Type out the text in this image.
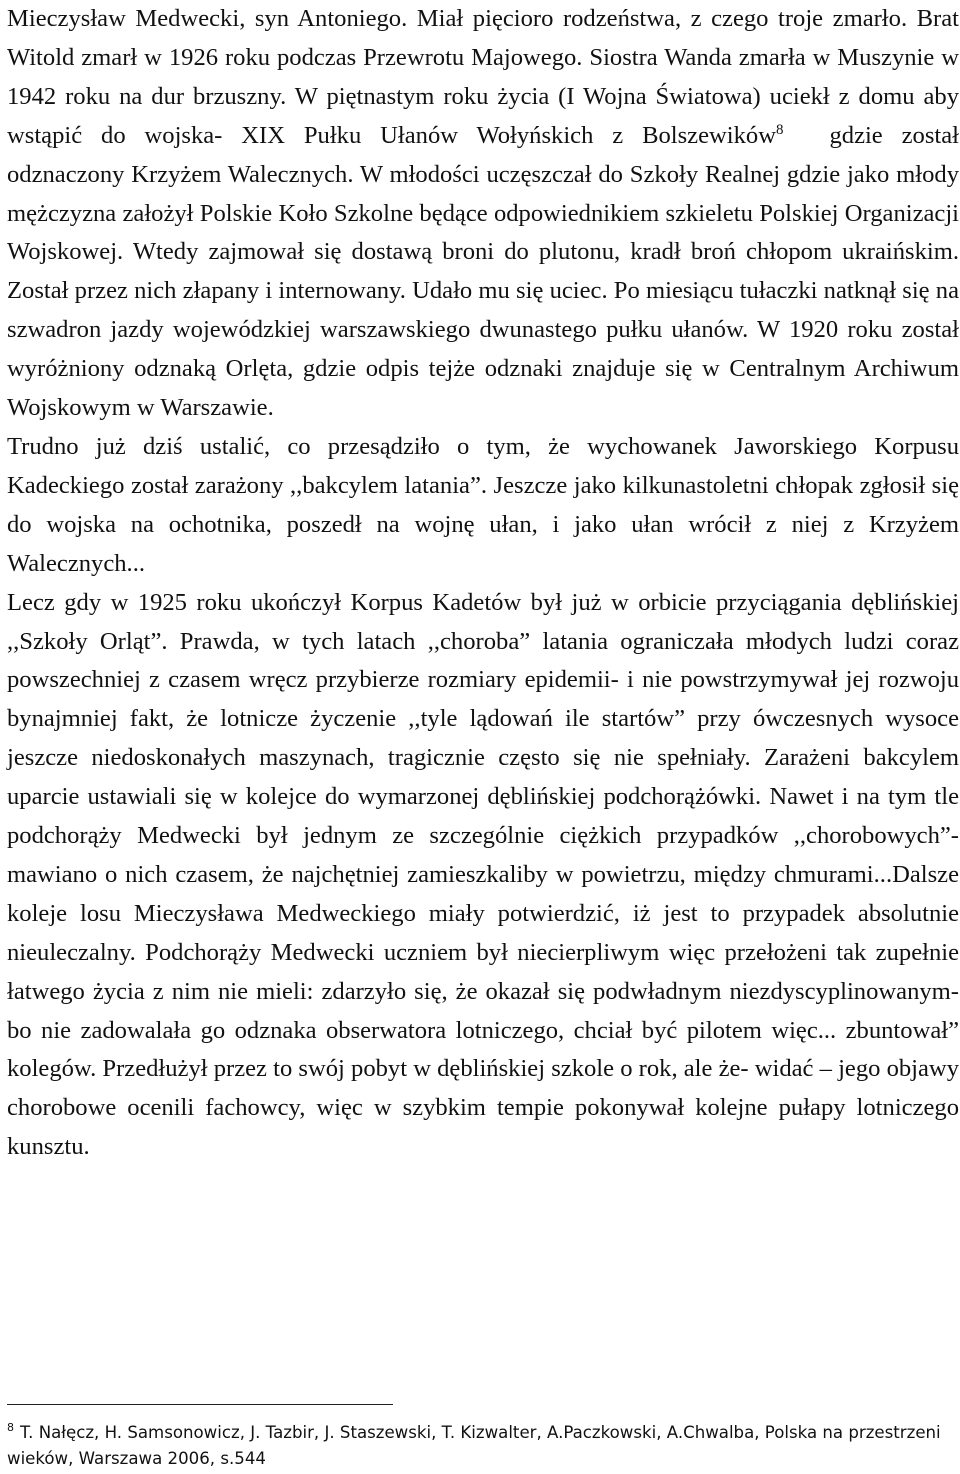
Mieczysław Medwecki, syn Antoniego. Miał pięcioro rodzeństwa, z czego troje zmarło. Brat Witold zmarł w 1926 roku podczas Przewrotu Majowego. Siostra Wanda zmarła w Muszynie w 1942 roku na dur brzuszny. W piętnastym roku życia (I Wojna Światowa) uciekł z domu aby wstąpić do wojska- XIX Pułku Ułanów Wołyńskich z Bolszewików$^8$ gdzie został odznaczony Krzyżem Walecznych. W młodości uczęszczał do Szkoły Realnej gdzie jako młody mężczyzna założył Polskie Koło Szkolne będące odpowiednikiem szkieletu Polskiej Organizacji Wojskowej. Wtedy zajmował się dostawą broni do plutonu, kradł broń chłopom ukraińskim. Został przez nich złapany i internowany. Udało mu się uciec. Po miesiącu tułaczki natknął się na szwadron jazdy wojewódzkiej warszawskiego dwunastego pułku ułanów. W 1920 roku został wyróżniony odznaką Orlęta, gdzie odpis tejże odznaki znajduje się w Centralnym Archiwum Wojskowym w Warszawie.
Trudno już dziś ustalić, co przesądziło o tym, że wychowanek Jaworskiego Korpusu Kadeckiego został zarażony ,,bakcylem latania”. Jeszcze jako kilkunastoletni chłopak zgłosił się do wojska na ochotnika, poszedł na wojnę ułan, i jako ułan wrócił z niej z Krzyżem Walecznych...
Lecz gdy w 1925 roku ukończył Korpus Kadetów był już w orbicie przyciągania dęblińskiej ,,Szkoły Orląt”. Prawda, w tych latach ,,choroba” latania ograniczała młodych ludzi coraz powszechniej z czasem wręcz przybierze rozmiary epidemii- i nie powstrzymywał jej rozwoju bynajmniej fakt, że lotnicze życzenie ,,tyle lądowań ile startów” przy ówczesnych wysoce jeszcze niedoskonałych maszynach, tragicznie często się nie spełniały. Zarażeni bakcylem uparcie ustawiali się w kolejce do wymarzonej dęblińskiej podchorążówki. Nawet i na tym tle podchorąży Medwecki był jednym ze szczególnie ciężkich przypadków ,,chorobowych”- mawiano o nich czasem, że najchętniej zamieszkaliby w powietrzu, między chmurami...Dalsze koleje losu Mieczysława Medweckiego miały potwierdzić, iż jest to przypadek absolutnie nieuleczalny. Podchorąży Medwecki uczniem był niecierpliwym więc przełożeni tak zupełnie łatwego życia z nim nie mieli: zdarzyło się, że okazał się podwładnym niezdyscyplinowanym- bo nie zadowalała go odznaka obserwatora lotniczego, chciał być pilotem więc... zbuntował” kolegów. Przedłużył przez to swój pobyt w dęblińskiej szkole o rok, ale że- widać – jego objawy chorobowe ocenili fachowcy, więc w szybkim tempie pokonywał kolejne pułapy lotniczego kunsztu.

$^8$ T. Nałęcz, H. Samsonowicz, J. Tazbir, J. Staszewski, T. Kizwalter, A.Paczkowski, A.Chwalba, Polska na przestrzeni wieków, Warszawa 2006, s.544
